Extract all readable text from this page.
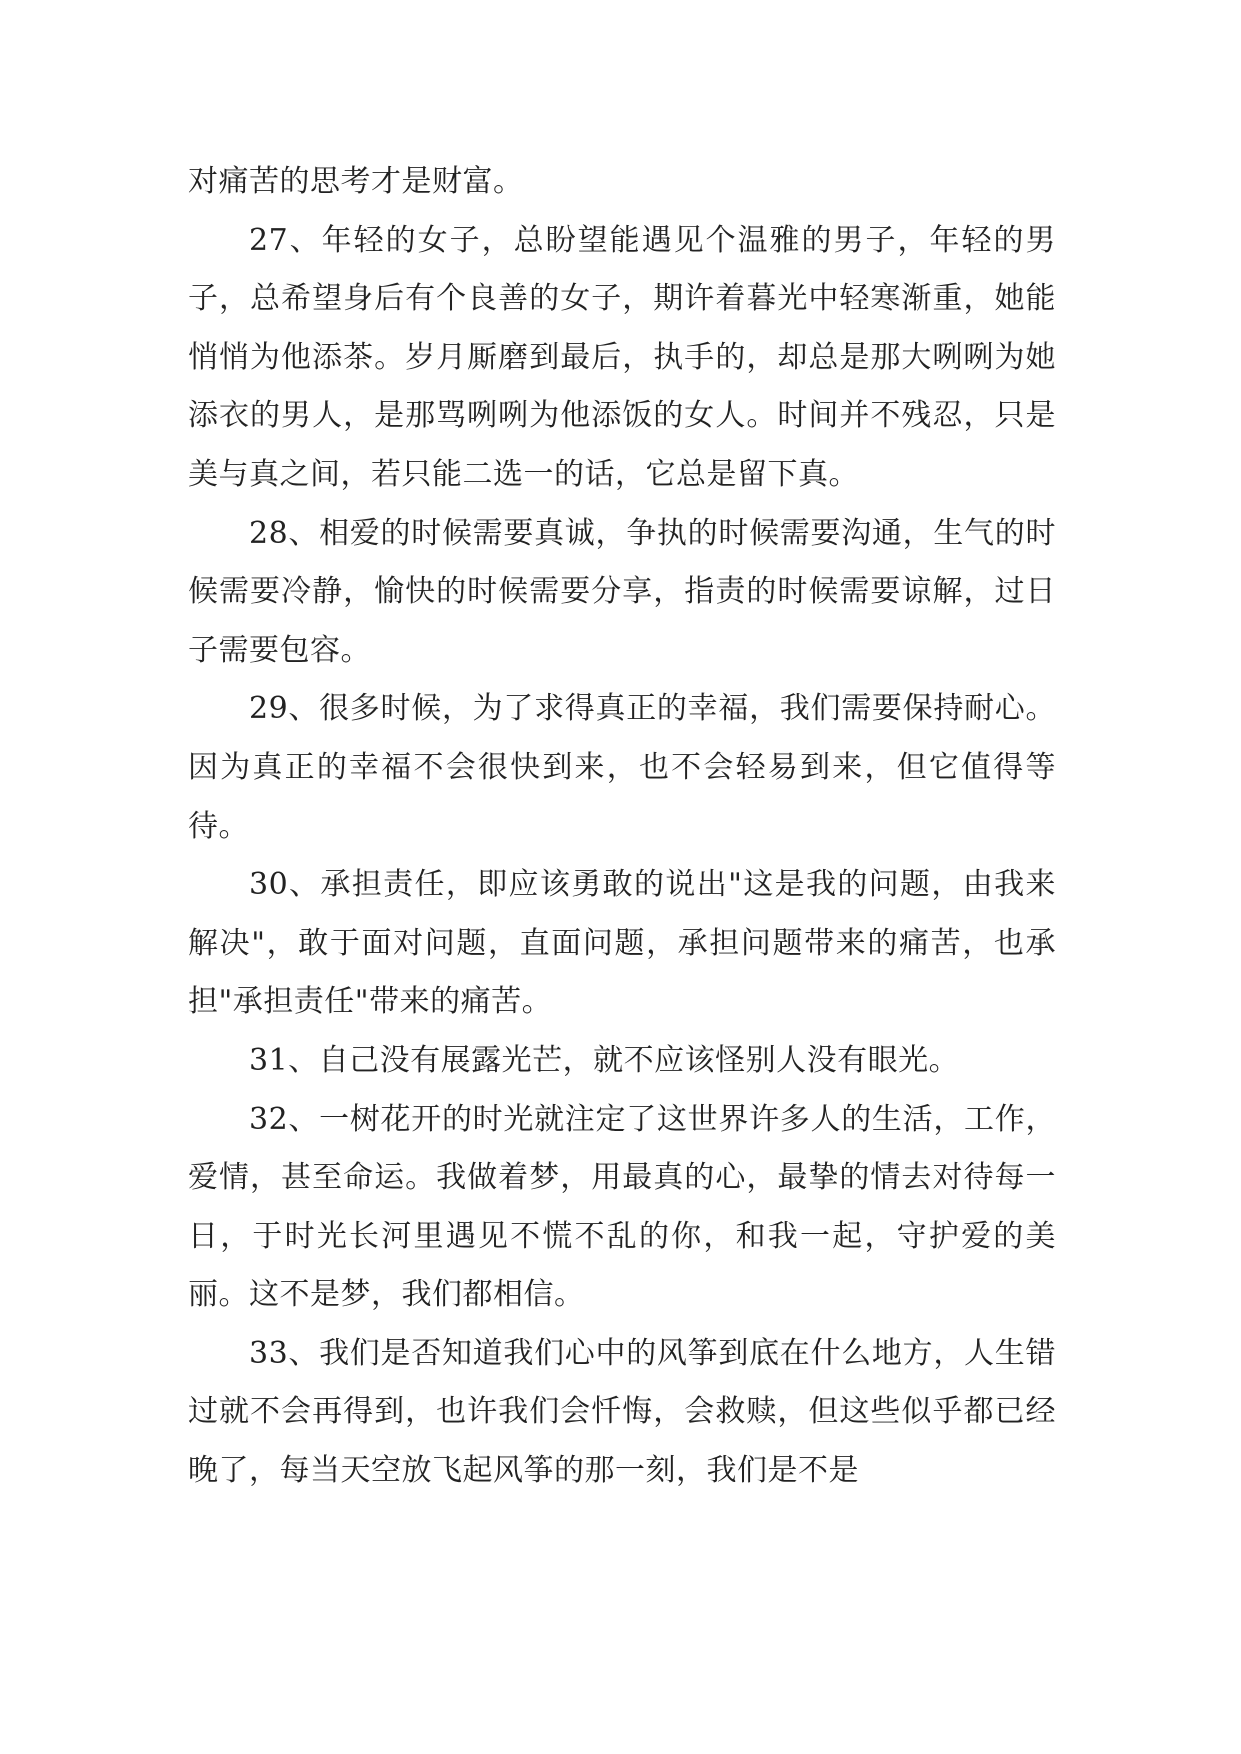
对痛苦的思考才是财富。

27、年轻的女子，总盼望能遇见个温雅的男子，年轻的男子，总希望身后有个良善的女子，期许着暮光中轻寒渐重，她能悄悄为他添茶。岁月厮磨到最后，执手的，却总是那大咧咧为她添衣的男人，是那骂咧咧为他添饭的女人。时间并不残忍，只是美与真之间，若只能二选一的话，它总是留下真。

28、相爱的时候需要真诚，争执的时候需要沟通，生气的时候需要冷静，愉快的时候需要分享，指责的时候需要谅解，过日子需要包容。

29、很多时候，为了求得真正的幸福，我们需要保持耐心。因为真正的幸福不会很快到来，也不会轻易到来，但它值得等待。

30、承担责任，即应该勇敢的说出"这是我的问题，由我来解决"，敢于面对问题，直面问题，承担问题带来的痛苦，也承担"承担责任"带来的痛苦。

31、自己没有展露光芒，就不应该怪别人没有眼光。

32、一树花开的时光就注定了这世界许多人的生活，工作，爱情，甚至命运。我做着梦，用最真的心，最挚的情去对待每一日，于时光长河里遇见不慌不乱的你，和我一起，守护爱的美丽。这不是梦，我们都相信。

33、我们是否知道我们心中的风筝到底在什么地方，人生错过就不会再得到，也许我们会忏悔，会救赎，但这些似乎都已经晚了，每当天空放飞起风筝的那一刻，我们是不是
